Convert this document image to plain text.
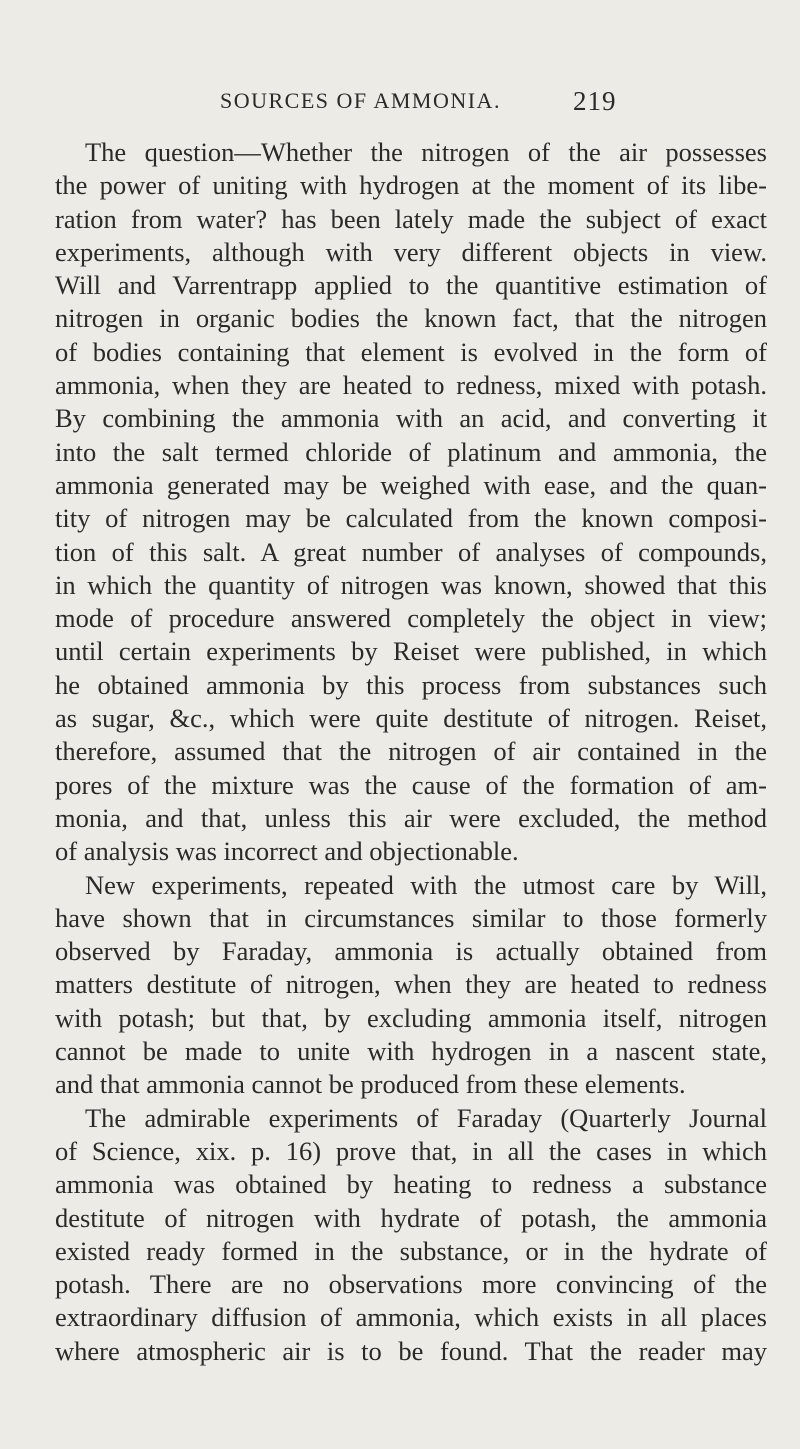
SOURCES OF AMMONIA.	219
The question—Whether the nitrogen of the air possesses
the power of uniting with hydrogen at the moment of its libe-
ration from water? has been lately made the subject of exact
experiments, although with very different objects in view.
Will and Varrentrapp applied to the quantitive estimation of
nitrogen in organic bodies the known fact, that the nitrogen
of bodies containing that element is evolved in the form of
ammonia, when they are heated to redness, mixed with potash.
By combining the ammonia with an acid, and converting it
into the salt termed chloride of platinum and ammonia, the
ammonia generated may be weighed with ease, and the quan-
tity of nitrogen may be calculated from the known composi-
tion of this salt. A great number of analyses of compounds,
in which the quantity of nitrogen was known, showed that this
mode of procedure answered completely the object in view;
until certain experiments by Reiset were published, in which
he obtained ammonia by this process from substances such
as sugar, &c., which were quite destitute of nitrogen. Reiset,
therefore, assumed that the nitrogen of air contained in the
pores of the mixture was the cause of the formation of am-
monia, and that, unless this air were excluded, the method
of analysis was incorrect and objectionable.
New experiments, repeated with the utmost care by Will,
have shown that in circumstances similar to those formerly
observed by Faraday, ammonia is actually obtained from
matters destitute of nitrogen, when they are heated to redness
with potash; but that, by excluding ammonia itself, nitrogen
cannot be made to unite with hydrogen in a nascent state,
and that ammonia cannot be produced from these elements.
The admirable experiments of Faraday (Quarterly Journal
of Science, xix. p. 16) prove that, in all the cases in which
ammonia was obtained by heating to redness a substance
destitute of nitrogen with hydrate of potash, the ammonia
existed ready formed in the substance, or in the hydrate of
potash. There are no observations more convincing of the
extraordinary diffusion of ammonia, which exists in all places
where atmospheric air is to be found. That the reader may
